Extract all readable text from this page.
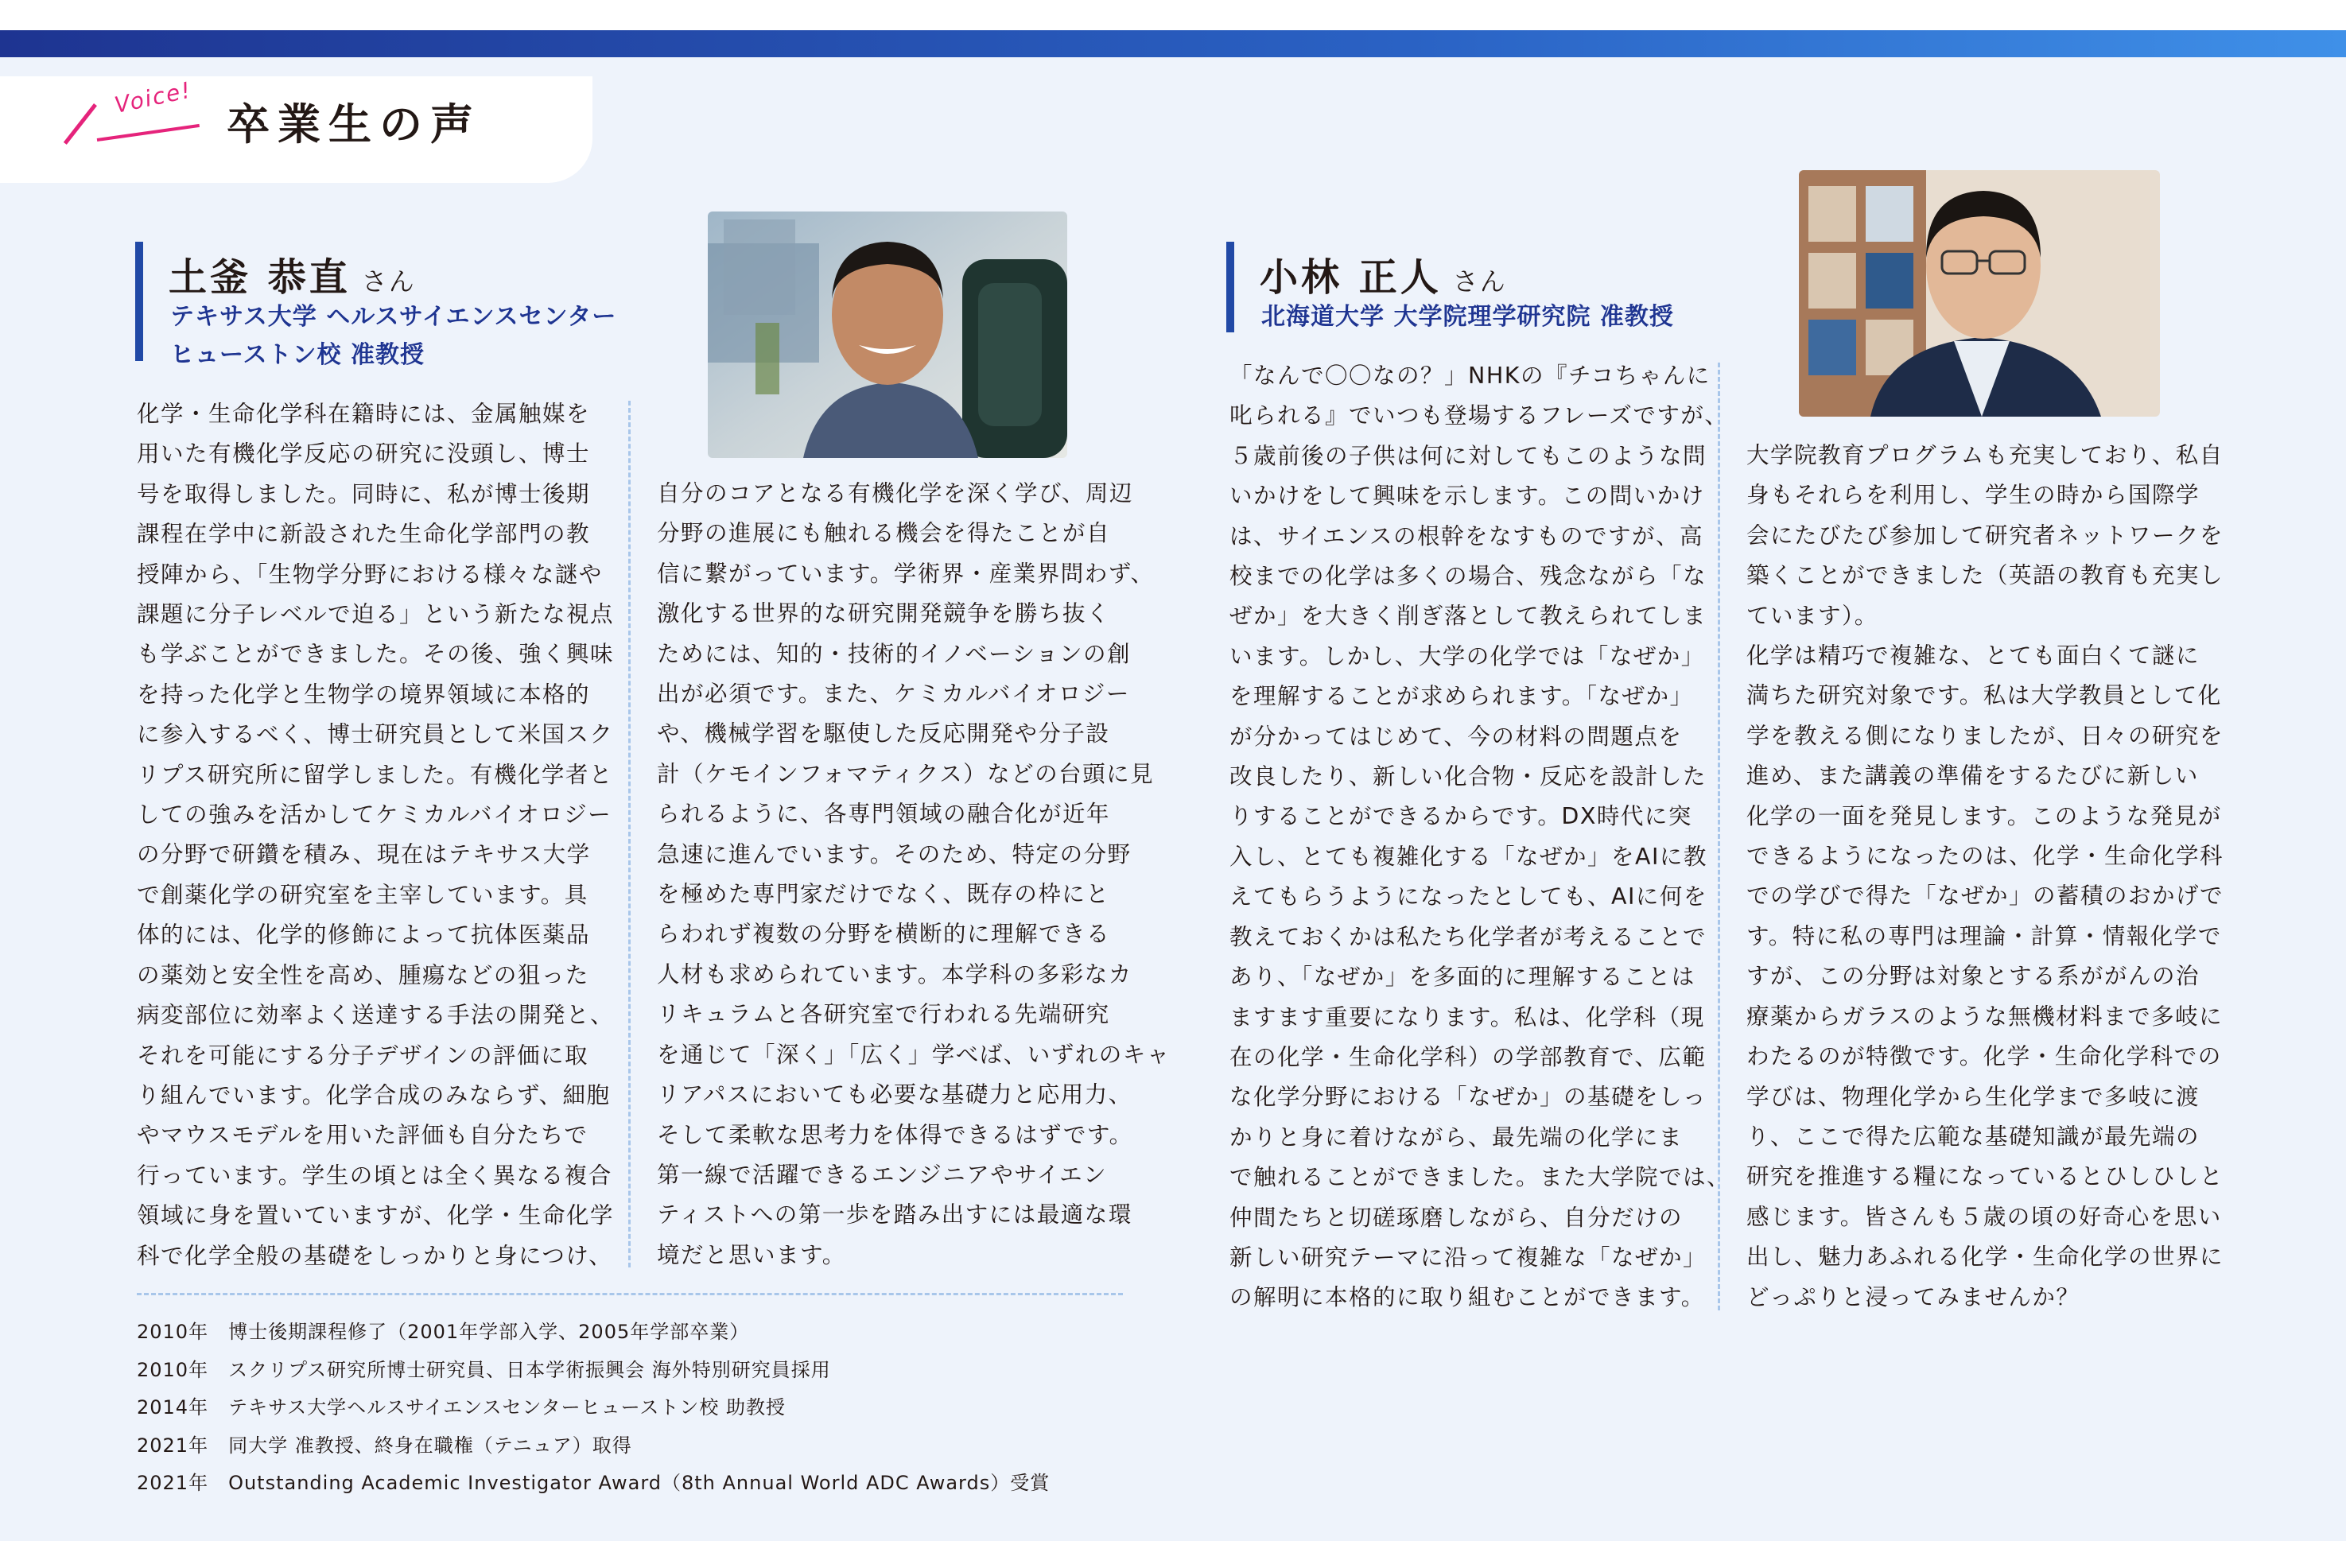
Voice!
卒業生の声
土釜 恭直 さん
テキサス大学 ヘルスサイエンスセンター
ヒューストン校 准教授
化学・生命化学科在籍時には、金属触媒を
用いた有機化学反応の研究に没頭し、博士
号を取得しました。同時に、私が博士後期
課程在学中に新設された生命化学部門の教
授陣から、「生物学分野における様々な謎や
課題に分子レベルで迫る」という新たな視点
も学ぶことができました。その後、強く興味
を持った化学と生物学の境界領域に本格的
に参入するべく、博士研究員として米国スク
リプス研究所に留学しました。有機化学者と
しての強みを活かしてケミカルバイオロジー
の分野で研鑽を積み、現在はテキサス大学
で創薬化学の研究室を主宰しています。具
体的には、化学的修飾によって抗体医薬品
の薬効と安全性を高め、腫瘍などの狙った
病変部位に効率よく送達する手法の開発と、
それを可能にする分子デザインの評価に取
り組んでいます。化学合成のみならず、細胞
やマウスモデルを用いた評価も自分たちで
行っています。学生の頃とは全く異なる複合
領域に身を置いていますが、化学・生命化学
科で化学全般の基礎をしっかりと身につけ、
自分のコアとなる有機化学を深く学び、周辺
分野の進展にも触れる機会を得たことが自
信に繋がっています。学術界・産業界問わず、
激化する世界的な研究開発競争を勝ち抜く
ためには、知的・技術的イノベーションの創
出が必須です。また、ケミカルバイオロジー
や、機械学習を駆使した反応開発や分子設
計（ケモインフォマティクス）などの台頭に見
られるように、各専門領域の融合化が近年
急速に進んでいます。そのため、特定の分野
を極めた専門家だけでなく、既存の枠にと
らわれず複数の分野を横断的に理解できる
人材も求められています。本学科の多彩なカ
リキュラムと各研究室で行われる先端研究
を通じて「深く」「広く」学べば、いずれのキャ
リアパスにおいても必要な基礎力と応用力、
そして柔軟な思考力を体得できるはずです。
第一線で活躍できるエンジニアやサイエン
ティストへの第一歩を踏み出すには最適な環
境だと思います。
2010年　博士後期課程修了（2001年学部入学、2005年学部卒業）
2010年　スクリプス研究所博士研究員、日本学術振興会 海外特別研究員採用
2014年　テキサス大学ヘルスサイエンスセンターヒューストン校 助教授
2021年　同大学 准教授、終身在職権（テニュア）取得
2021年　Outstanding Academic Investigator Award（8th Annual World ADC Awards）受賞
小林 正人 さん
北海道大学 大学院理学研究院 准教授
「なんで〇〇なの？」NHKの『チコちゃんに
叱られる』でいつも登場するフレーズですが、
５歳前後の子供は何に対してもこのような問
いかけをして興味を示します。この問いかけ
は、サイエンスの根幹をなすものですが、高
校までの化学は多くの場合、残念ながら「な
ぜか」を大きく削ぎ落として教えられてしま
います。しかし、大学の化学では「なぜか」
を理解することが求められます。「なぜか」
が分かってはじめて、今の材料の問題点を
改良したり、新しい化合物・反応を設計した
りすることができるからです。DX時代に突
入し、とても複雑化する「なぜか」をAIに教
えてもらうようになったとしても、AIに何を
教えておくかは私たち化学者が考えることで
あり、「なぜか」を多面的に理解することは
ますます重要になります。私は、化学科（現
在の化学・生命化学科）の学部教育で、広範
な化学分野における「なぜか」の基礎をしっ
かりと身に着けながら、最先端の化学にま
で触れることができました。また大学院では、
仲間たちと切磋琢磨しながら、自分だけの
新しい研究テーマに沿って複雑な「なぜか」
の解明に本格的に取り組むことができます。
大学院教育プログラムも充実しており、私自
身もそれらを利用し、学生の時から国際学
会にたびたび参加して研究者ネットワークを
築くことができました（英語の教育も充実し
ています）。
化学は精巧で複雑な、とても面白くて謎に
満ちた研究対象です。私は大学教員として化
学を教える側になりましたが、日々の研究を
進め、また講義の準備をするたびに新しい
化学の一面を発見します。このような発見が
できるようになったのは、化学・生命化学科
での学びで得た「なぜか」の蓄積のおかげで
す。特に私の専門は理論・計算・情報化学で
すが、この分野は対象とする系ががんの治
療薬からガラスのような無機材料まで多岐に
わたるのが特徴です。化学・生命化学科での
学びは、物理化学から生化学まで多岐に渡
り、ここで得た広範な基礎知識が最先端の
研究を推進する糧になっているとひしひしと
感じます。皆さんも５歳の頃の好奇心を思い
出し、魅力あふれる化学・生命化学の世界に
どっぷりと浸ってみませんか？
